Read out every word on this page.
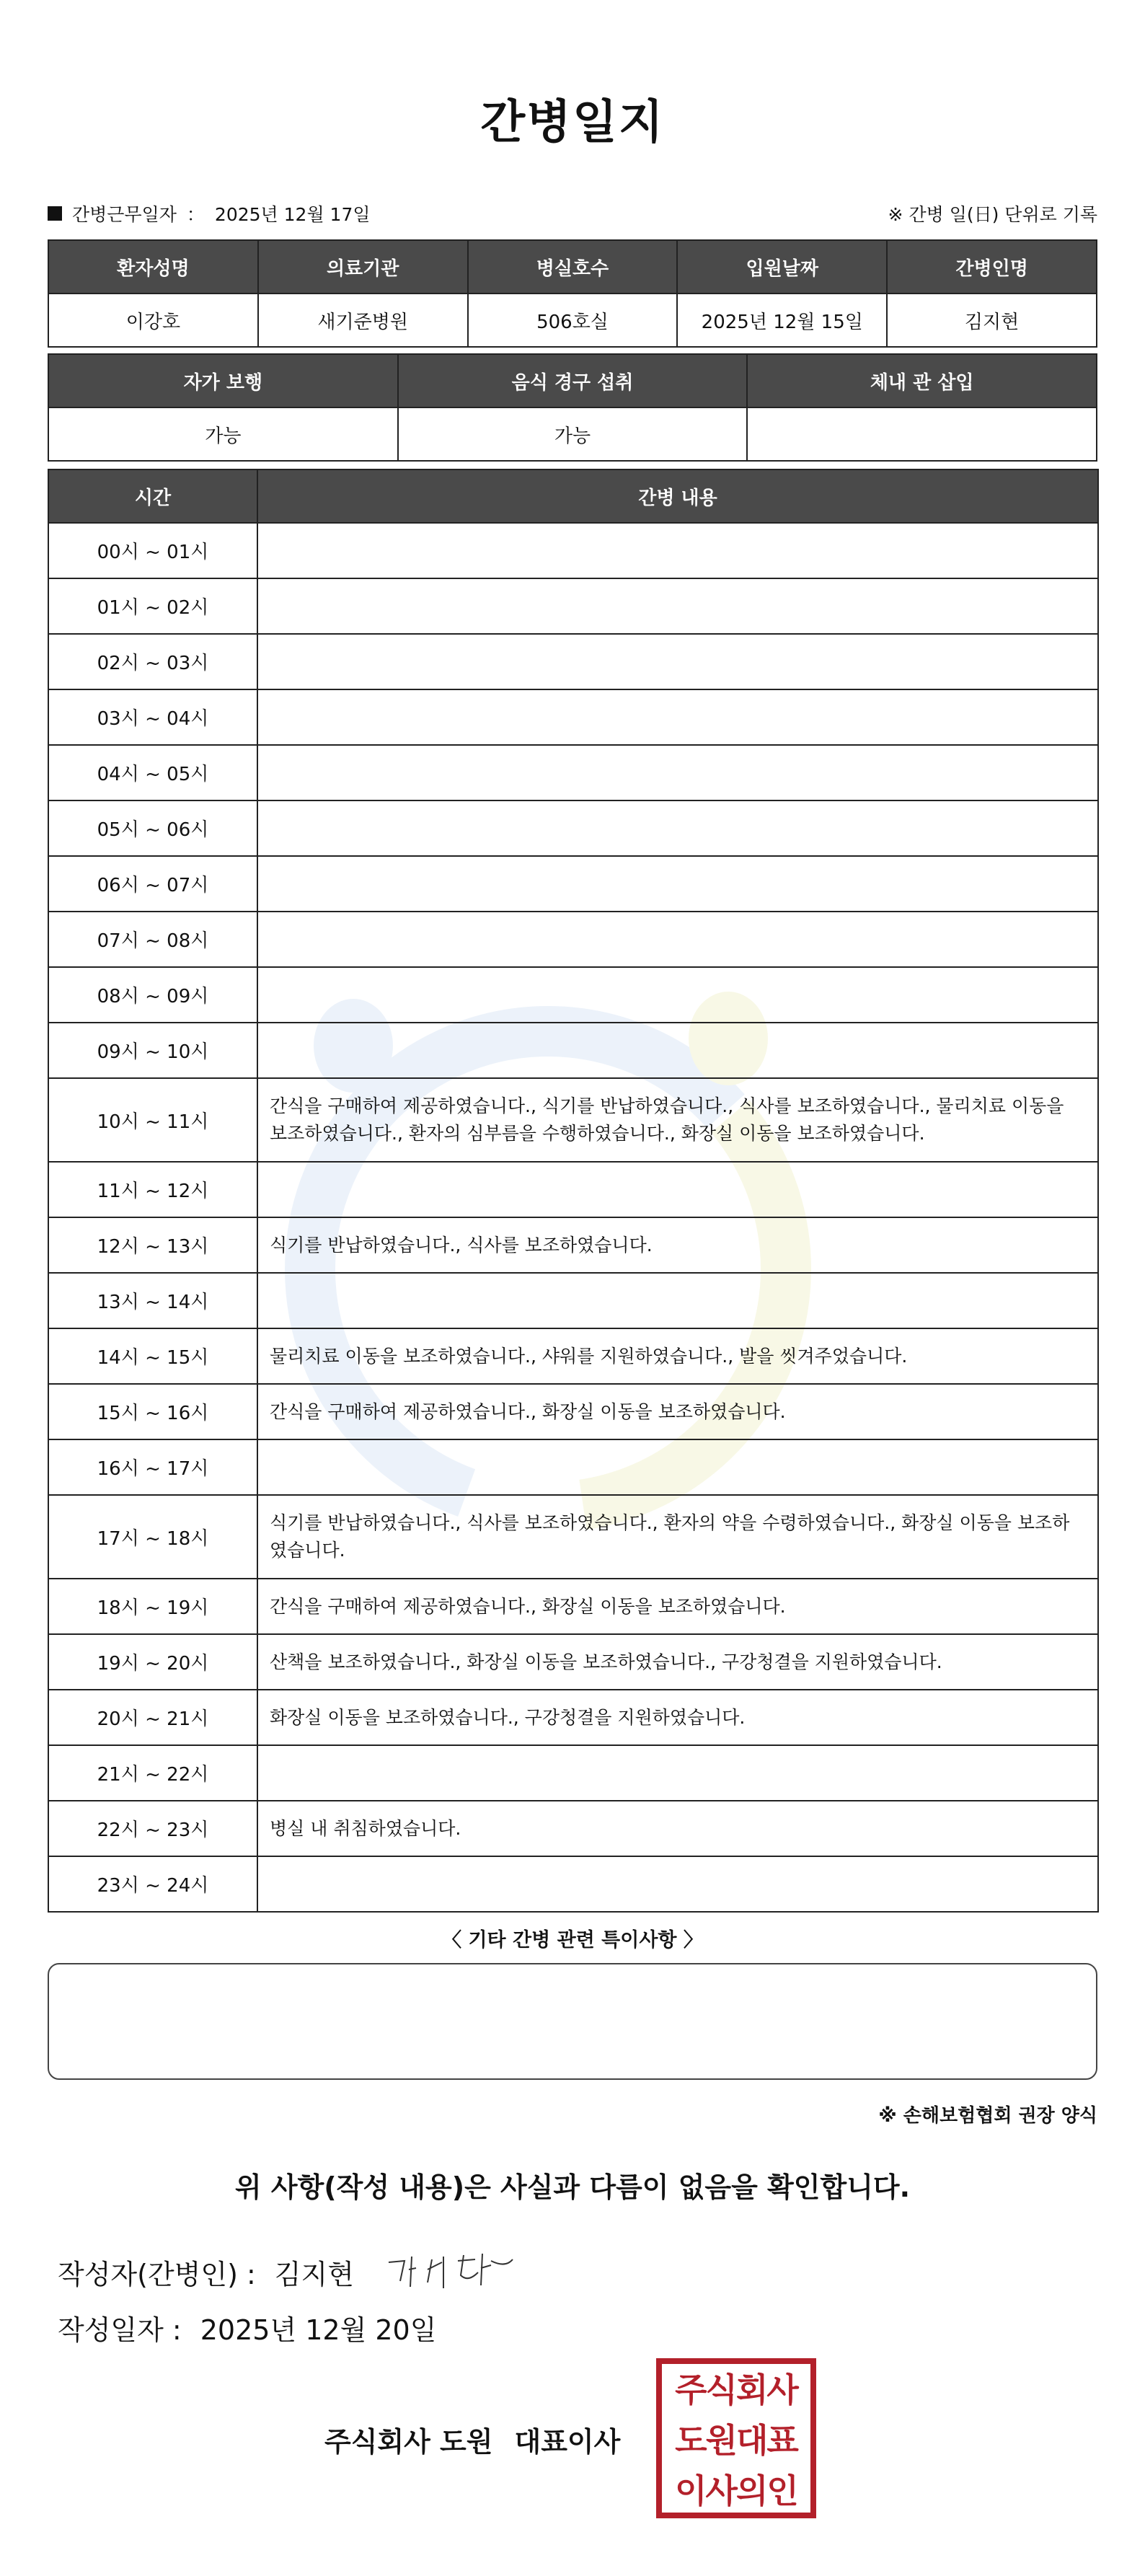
간병일지
간병근무일자 ： 2025년 12월 17일	※ 간병 일(日) 단위로 기록
환자성명	의료기관	병실호수	입원날짜	간병인명
이강호	새기준병원	506호실	2025년 12월 15일	김지현
자가 보행	음식 경구 섭취	체내 관 삽입
가능	가능	
시간	간병 내용
00시 ~ 01시	
01시 ~ 02시	
02시 ~ 03시	
03시 ~ 04시	
04시 ~ 05시	
05시 ~ 06시	
06시 ~ 07시	
07시 ~ 08시	
08시 ~ 09시	
09시 ~ 10시	
10시 ~ 11시	간식을 구매하여 제공하였습니다., 식기를 반납하였습니다., 식사를 보조하였습니다., 물리치료 이동을 보조하였습니다., 환자의 심부름을 수행하였습니다., 화장실 이동을 보조하였습니다.
11시 ~ 12시	
12시 ~ 13시	식기를 반납하였습니다., 식사를 보조하였습니다.
13시 ~ 14시	
14시 ~ 15시	물리치료 이동을 보조하였습니다., 샤워를 지원하였습니다., 발을 씻겨주었습니다.
15시 ~ 16시	간식을 구매하여 제공하였습니다., 화장실 이동을 보조하였습니다.
16시 ~ 17시	
17시 ~ 18시	식기를 반납하였습니다., 식사를 보조하였습니다., 환자의 약을 수령하였습니다., 화장실 이동을 보조하였습니다.
18시 ~ 19시	간식을 구매하여 제공하였습니다., 화장실 이동을 보조하였습니다.
19시 ~ 20시	산책을 보조하였습니다., 화장실 이동을 보조하였습니다., 구강청결을 지원하였습니다.
20시 ~ 21시	화장실 이동을 보조하였습니다., 구강청결을 지원하였습니다.
21시 ~ 22시	
22시 ~ 23시	병실 내 취침하였습니다.
23시 ~ 24시	
〈 기타 간병 관련 특이사항 〉
※ 손해보험협회 권장 양식
위 사항(작성 내용)은 사실과 다름이 없음을 확인합니다.
작성자(간병인) : 김지현
작성일자 : 2025년 12월 20일
주식회사 도원 대표이사
주식회사
도원대표
이사의인
